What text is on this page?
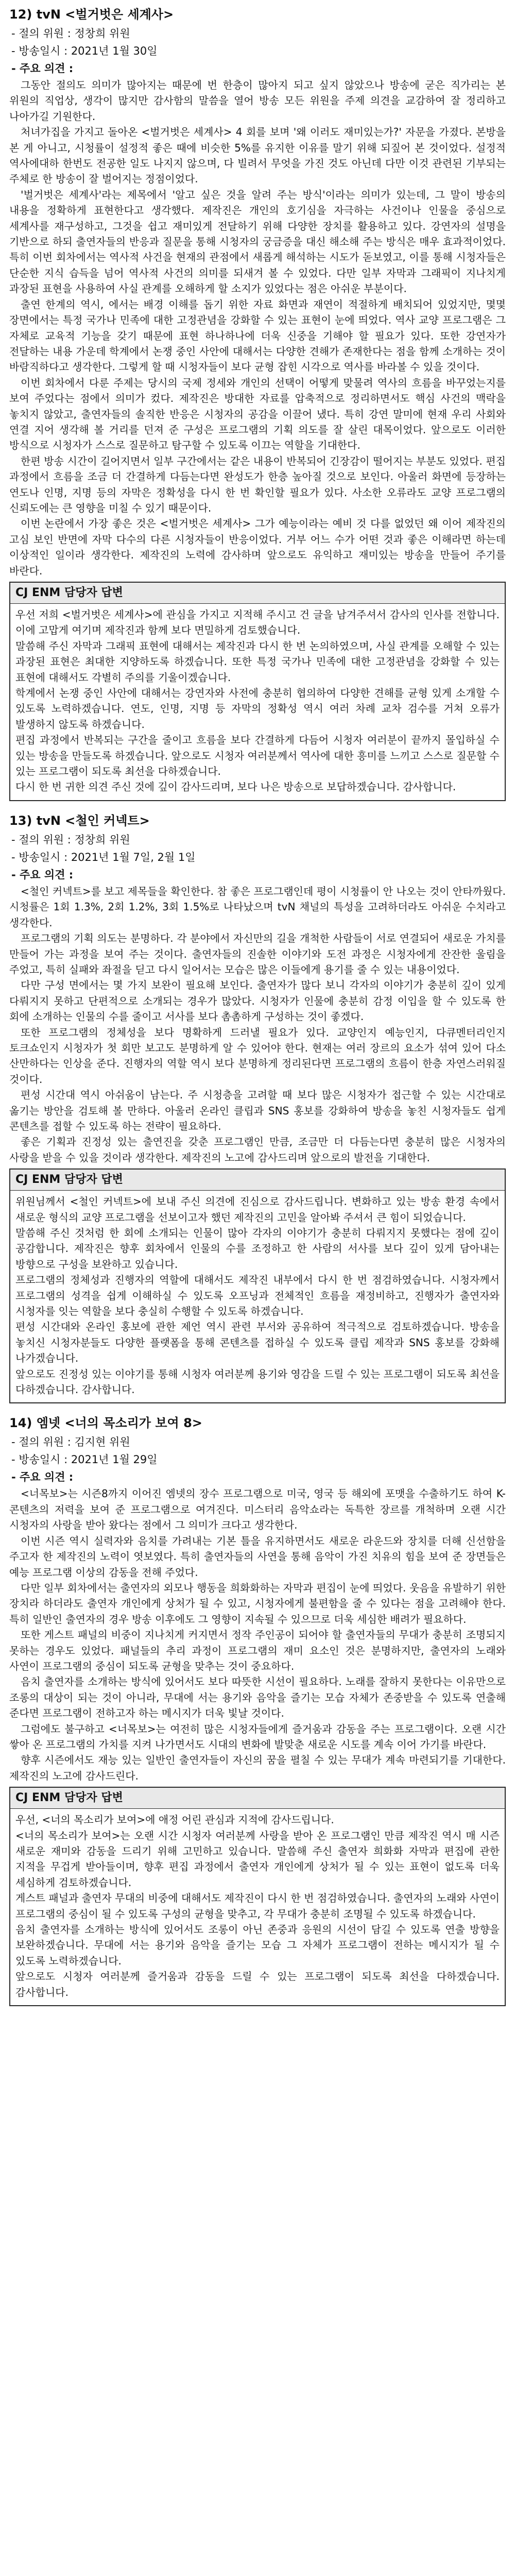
12) tvN <벌거벗은 세계사>
- 절의 위원 : 정창희 위원
- 방송일시 : 2021년 1월 30일
- 주요 의견 :

그동안 절의도 의미가 많아지는 때문에 번 한층이 많아지 되고 싶지 않았으나 방송에 굳은 직가리는 본 위원의 직업상, 생각이 많지만 감사함의 말씀을 열어 방송 모든 위원을 주제 의견을 교감하여 잘 정리하고 나아가길 기원한다.

처녀가집을 가지고 돌아온 <벌거벗은 세계사> 4 회를 보며 '왜 이러도 재미있는가?' 자문을 가졌다. 본방을 본 게 아니고, 시청률이 설정적 좋은 때에 비슷한 5%를 유지한 이유를 말기 위해 되짚어 본 것이었다. 설정적 역사에대하 한번도 전공한 일도 나지지 않으며, 다 빌려서 무엇을 가진 것도 아닌데 다만 이것 관련된 기부되는 주체로 한 방송이 잘 벌어지는 정점이었다.

'벌거벗은 세계사'라는 제목에서 '알고 싶은 것을 알려 주는 방식'이라는 의미가 있는데, 그 말이 방송의 내용을 정확하게 표현한다고 생각했다. 제작진은 개인의 호기심을 자극하는 사건이나 인물을 중심으로 세계사를 재구성하고, 그것을 쉽고 재미있게 전달하기 위해 다양한 장치를 활용하고 있다. 강연자의 설명을 기반으로 하되 출연자들의 반응과 질문을 통해 시청자의 궁금증을 대신 해소해 주는 방식은 매우 효과적이었다. 특히 이번 회차에서는 역사적 사건을 현재의 관점에서 새롭게 해석하는 시도가 돋보였고, 이를 통해 시청자들은 단순한 지식 습득을 넘어 역사적 사건의 의미를 되새겨 볼 수 있었다. 다만 일부 자막과 그래픽이 지나치게 과장된 표현을 사용하여 사실 관계를 오해하게 할 소지가 있었다는 점은 아쉬운 부분이다.

출연 한계의 역시, 에서는 배경 이해를 돕기 위한 자료 화면과 재연이 적절하게 배치되어 있었지만, 몇몇 장면에서는 특정 국가나 민족에 대한 고정관념을 강화할 수 있는 표현이 눈에 띄었다. 역사 교양 프로그램은 그 자체로 교육적 기능을 갖기 때문에 표현 하나하나에 더욱 신중을 기해야 할 필요가 있다. 또한 강연자가 전달하는 내용 가운데 학계에서 논쟁 중인 사안에 대해서는 다양한 견해가 존재한다는 점을 함께 소개하는 것이 바람직하다고 생각한다. 그렇게 할 때 시청자들이 보다 균형 잡힌 시각으로 역사를 바라볼 수 있을 것이다.

이번 회차에서 다룬 주제는 당시의 국제 정세와 개인의 선택이 어떻게 맞물려 역사의 흐름을 바꾸었는지를 보여 주었다는 점에서 의미가 컸다. 제작진은 방대한 자료를 압축적으로 정리하면서도 핵심 사건의 맥락을 놓치지 않았고, 출연자들의 솔직한 반응은 시청자의 공감을 이끌어 냈다. 특히 강연 말미에 현재 우리 사회와 연결 지어 생각해 볼 거리를 던져 준 구성은 프로그램의 기획 의도를 잘 살린 대목이었다. 앞으로도 이러한 방식으로 시청자가 스스로 질문하고 탐구할 수 있도록 이끄는 역할을 기대한다.

한편 방송 시간이 길어지면서 일부 구간에서는 같은 내용이 반복되어 긴장감이 떨어지는 부분도 있었다. 편집 과정에서 흐름을 조금 더 간결하게 다듬는다면 완성도가 한층 높아질 것으로 보인다. 아울러 화면에 등장하는 연도나 인명, 지명 등의 자막은 정확성을 다시 한 번 확인할 필요가 있다. 사소한 오류라도 교양 프로그램의 신뢰도에는 큰 영향을 미칠 수 있기 때문이다.

이번 논란에서 가장 좋은 것은 <벌거벗은 세계사> 그가 예능이라는 예비 것 다를 없었던 왜 이어 제작진의 고심 보인 반면에 자막 다수의 다른 시청자들이 반응이었다. 거부 어느 수가 어떤 것과 좋은 이해라면 하는데 이상적인 일이라 생각한다. 제작진의 노력에 감사하며 앞으로도 유익하고 재미있는 방송을 만들어 주기를 바란다.

CJ ENM 담당자 답변

우선 저희 <벌거벗은 세계사>에 관심을 가지고 지적해 주시고 건 글을 남겨주셔서 감사의 인사를 전합니다. 이에 고맙게 여기며 제작진과 함께 보다 면밀하게 검토했습니다.

말씀해 주신 자막과 그래픽 표현에 대해서는 제작진과 다시 한 번 논의하였으며, 사실 관계를 오해할 수 있는 과장된 표현은 최대한 지양하도록 하겠습니다. 또한 특정 국가나 민족에 대한 고정관념을 강화할 수 있는 표현에 대해서도 각별히 주의를 기울이겠습니다.

학계에서 논쟁 중인 사안에 대해서는 강연자와 사전에 충분히 협의하여 다양한 견해를 균형 있게 소개할 수 있도록 노력하겠습니다. 연도, 인명, 지명 등 자막의 정확성 역시 여러 차례 교차 검수를 거쳐 오류가 발생하지 않도록 하겠습니다.

편집 과정에서 반복되는 구간을 줄이고 흐름을 보다 간결하게 다듬어 시청자 여러분이 끝까지 몰입하실 수 있는 방송을 만들도록 하겠습니다. 앞으로도 시청자 여러분께서 역사에 대한 흥미를 느끼고 스스로 질문할 수 있는 프로그램이 되도록 최선을 다하겠습니다.

다시 한 번 귀한 의견 주신 것에 깊이 감사드리며, 보다 나은 방송으로 보답하겠습니다. 감사합니다.

13) tvN <철인 커넥트>
- 절의 위원 : 정창희 위원
- 방송일시 : 2021년 1월 7일, 2월 1일
- 주요 의견 :

<철인 커넥트>를 보고 제목들을 확인한다. 참 좋은 프로그램인데 평이 시청률이 안 나오는 것이 안타까웠다. 시청률은 1회 1.3%, 2회 1.2%, 3회 1.5%로 나타났으며 tvN 채널의 특성을 고려하더라도 아쉬운 수치라고 생각한다.

프로그램의 기획 의도는 분명하다. 각 분야에서 자신만의 길을 개척한 사람들이 서로 연결되어 새로운 가치를 만들어 가는 과정을 보여 주는 것이다. 출연자들의 진솔한 이야기와 도전 과정은 시청자에게 잔잔한 울림을 주었고, 특히 실패와 좌절을 딛고 다시 일어서는 모습은 많은 이들에게 용기를 줄 수 있는 내용이었다.

다만 구성 면에서는 몇 가지 보완이 필요해 보인다. 출연자가 많다 보니 각자의 이야기가 충분히 깊이 있게 다뤄지지 못하고 단편적으로 소개되는 경우가 많았다. 시청자가 인물에 충분히 감정 이입을 할 수 있도록 한 회에 소개하는 인물의 수를 줄이고 서사를 보다 촘촘하게 구성하는 것이 좋겠다.

또한 프로그램의 정체성을 보다 명확하게 드러낼 필요가 있다. 교양인지 예능인지, 다큐멘터리인지 토크쇼인지 시청자가 첫 회만 보고도 분명하게 알 수 있어야 한다. 현재는 여러 장르의 요소가 섞여 있어 다소 산만하다는 인상을 준다. 진행자의 역할 역시 보다 분명하게 정리된다면 프로그램의 흐름이 한층 자연스러워질 것이다.

편성 시간대 역시 아쉬움이 남는다. 주 시청층을 고려할 때 보다 많은 시청자가 접근할 수 있는 시간대로 옮기는 방안을 검토해 볼 만하다. 아울러 온라인 클립과 SNS 홍보를 강화하여 방송을 놓친 시청자들도 쉽게 콘텐츠를 접할 수 있도록 하는 전략이 필요하다.

좋은 기획과 진정성 있는 출연진을 갖춘 프로그램인 만큼, 조금만 더 다듬는다면 충분히 많은 시청자의 사랑을 받을 수 있을 것이라 생각한다. 제작진의 노고에 감사드리며 앞으로의 발전을 기대한다.

CJ ENM 담당자 답변

위원님께서 <철인 커넥트>에 보내 주신 의견에 진심으로 감사드립니다. 변화하고 있는 방송 환경 속에서 새로운 형식의 교양 프로그램을 선보이고자 했던 제작진의 고민을 알아봐 주셔서 큰 힘이 되었습니다.

말씀해 주신 것처럼 한 회에 소개되는 인물이 많아 각자의 이야기가 충분히 다뤄지지 못했다는 점에 깊이 공감합니다. 제작진은 향후 회차에서 인물의 수를 조정하고 한 사람의 서사를 보다 깊이 있게 담아내는 방향으로 구성을 보완하고 있습니다.

프로그램의 정체성과 진행자의 역할에 대해서도 제작진 내부에서 다시 한 번 점검하였습니다. 시청자께서 프로그램의 성격을 쉽게 이해하실 수 있도록 오프닝과 전체적인 흐름을 재정비하고, 진행자가 출연자와 시청자를 잇는 역할을 보다 충실히 수행할 수 있도록 하겠습니다.

편성 시간대와 온라인 홍보에 관한 제언 역시 관련 부서와 공유하여 적극적으로 검토하겠습니다. 방송을 놓치신 시청자분들도 다양한 플랫폼을 통해 콘텐츠를 접하실 수 있도록 클립 제작과 SNS 홍보를 강화해 나가겠습니다.

앞으로도 진정성 있는 이야기를 통해 시청자 여러분께 용기와 영감을 드릴 수 있는 프로그램이 되도록 최선을 다하겠습니다. 감사합니다.

14) 엠넷 <너의 목소리가 보여 8>
- 절의 위원 : 김지현 위원
- 방송일시 : 2021년 1월 29일
- 주요 의견 :

<너목보>는 시즌8까지 이어진 엠넷의 장수 프로그램으로 미국, 영국 등 해외에 포맷을 수출하기도 하여 K-콘텐츠의 저력을 보여 준 프로그램으로 여겨진다. 미스터리 음악쇼라는 독특한 장르를 개척하며 오랜 시간 시청자의 사랑을 받아 왔다는 점에서 그 의미가 크다고 생각한다.

이번 시즌 역시 실력자와 음치를 가려내는 기본 틀을 유지하면서도 새로운 라운드와 장치를 더해 신선함을 주고자 한 제작진의 노력이 엿보였다. 특히 출연자들의 사연을 통해 음악이 가진 치유의 힘을 보여 준 장면들은 예능 프로그램 이상의 감동을 전해 주었다.

다만 일부 회차에서는 출연자의 외모나 행동을 희화화하는 자막과 편집이 눈에 띄었다. 웃음을 유발하기 위한 장치라 하더라도 출연자 개인에게 상처가 될 수 있고, 시청자에게 불편함을 줄 수 있다는 점을 고려해야 한다. 특히 일반인 출연자의 경우 방송 이후에도 그 영향이 지속될 수 있으므로 더욱 세심한 배려가 필요하다.

또한 게스트 패널의 비중이 지나치게 커지면서 정작 주인공이 되어야 할 출연자들의 무대가 충분히 조명되지 못하는 경우도 있었다. 패널들의 추리 과정이 프로그램의 재미 요소인 것은 분명하지만, 출연자의 노래와 사연이 프로그램의 중심이 되도록 균형을 맞추는 것이 중요하다.

음치 출연자를 소개하는 방식에 있어서도 보다 따뜻한 시선이 필요하다. 노래를 잘하지 못한다는 이유만으로 조롱의 대상이 되는 것이 아니라, 무대에 서는 용기와 음악을 즐기는 모습 자체가 존중받을 수 있도록 연출해 준다면 프로그램이 전하고자 하는 메시지가 더욱 빛날 것이다.

그럼에도 불구하고 <너목보>는 여전히 많은 시청자들에게 즐거움과 감동을 주는 프로그램이다. 오랜 시간 쌓아 온 프로그램의 가치를 지켜 나가면서도 시대의 변화에 발맞춘 새로운 시도를 계속 이어 가기를 바란다.

향후 시즌에서도 재능 있는 일반인 출연자들이 자신의 꿈을 펼칠 수 있는 무대가 계속 마련되기를 기대한다. 제작진의 노고에 감사드린다.

CJ ENM 담당자 답변

우선, <너의 목소리가 보여>에 애정 어린 관심과 지적에 감사드립니다.

<너의 목소리가 보여>는 오랜 시간 시청자 여러분께 사랑을 받아 온 프로그램인 만큼 제작진 역시 매 시즌 새로운 재미와 감동을 드리기 위해 고민하고 있습니다. 말씀해 주신 출연자 희화화 자막과 편집에 관한 지적을 무겁게 받아들이며, 향후 편집 과정에서 출연자 개인에게 상처가 될 수 있는 표현이 없도록 더욱 세심하게 검토하겠습니다.

게스트 패널과 출연자 무대의 비중에 대해서도 제작진이 다시 한 번 점검하였습니다. 출연자의 노래와 사연이 프로그램의 중심이 될 수 있도록 구성의 균형을 맞추고, 각 무대가 충분히 조명될 수 있도록 하겠습니다.

음치 출연자를 소개하는 방식에 있어서도 조롱이 아닌 존중과 응원의 시선이 담길 수 있도록 연출 방향을 보완하겠습니다. 무대에 서는 용기와 음악을 즐기는 모습 그 자체가 프로그램이 전하는 메시지가 될 수 있도록 노력하겠습니다.

앞으로도 시청자 여러분께 즐거움과 감동을 드릴 수 있는 프로그램이 되도록 최선을 다하겠습니다. 감사합니다.
